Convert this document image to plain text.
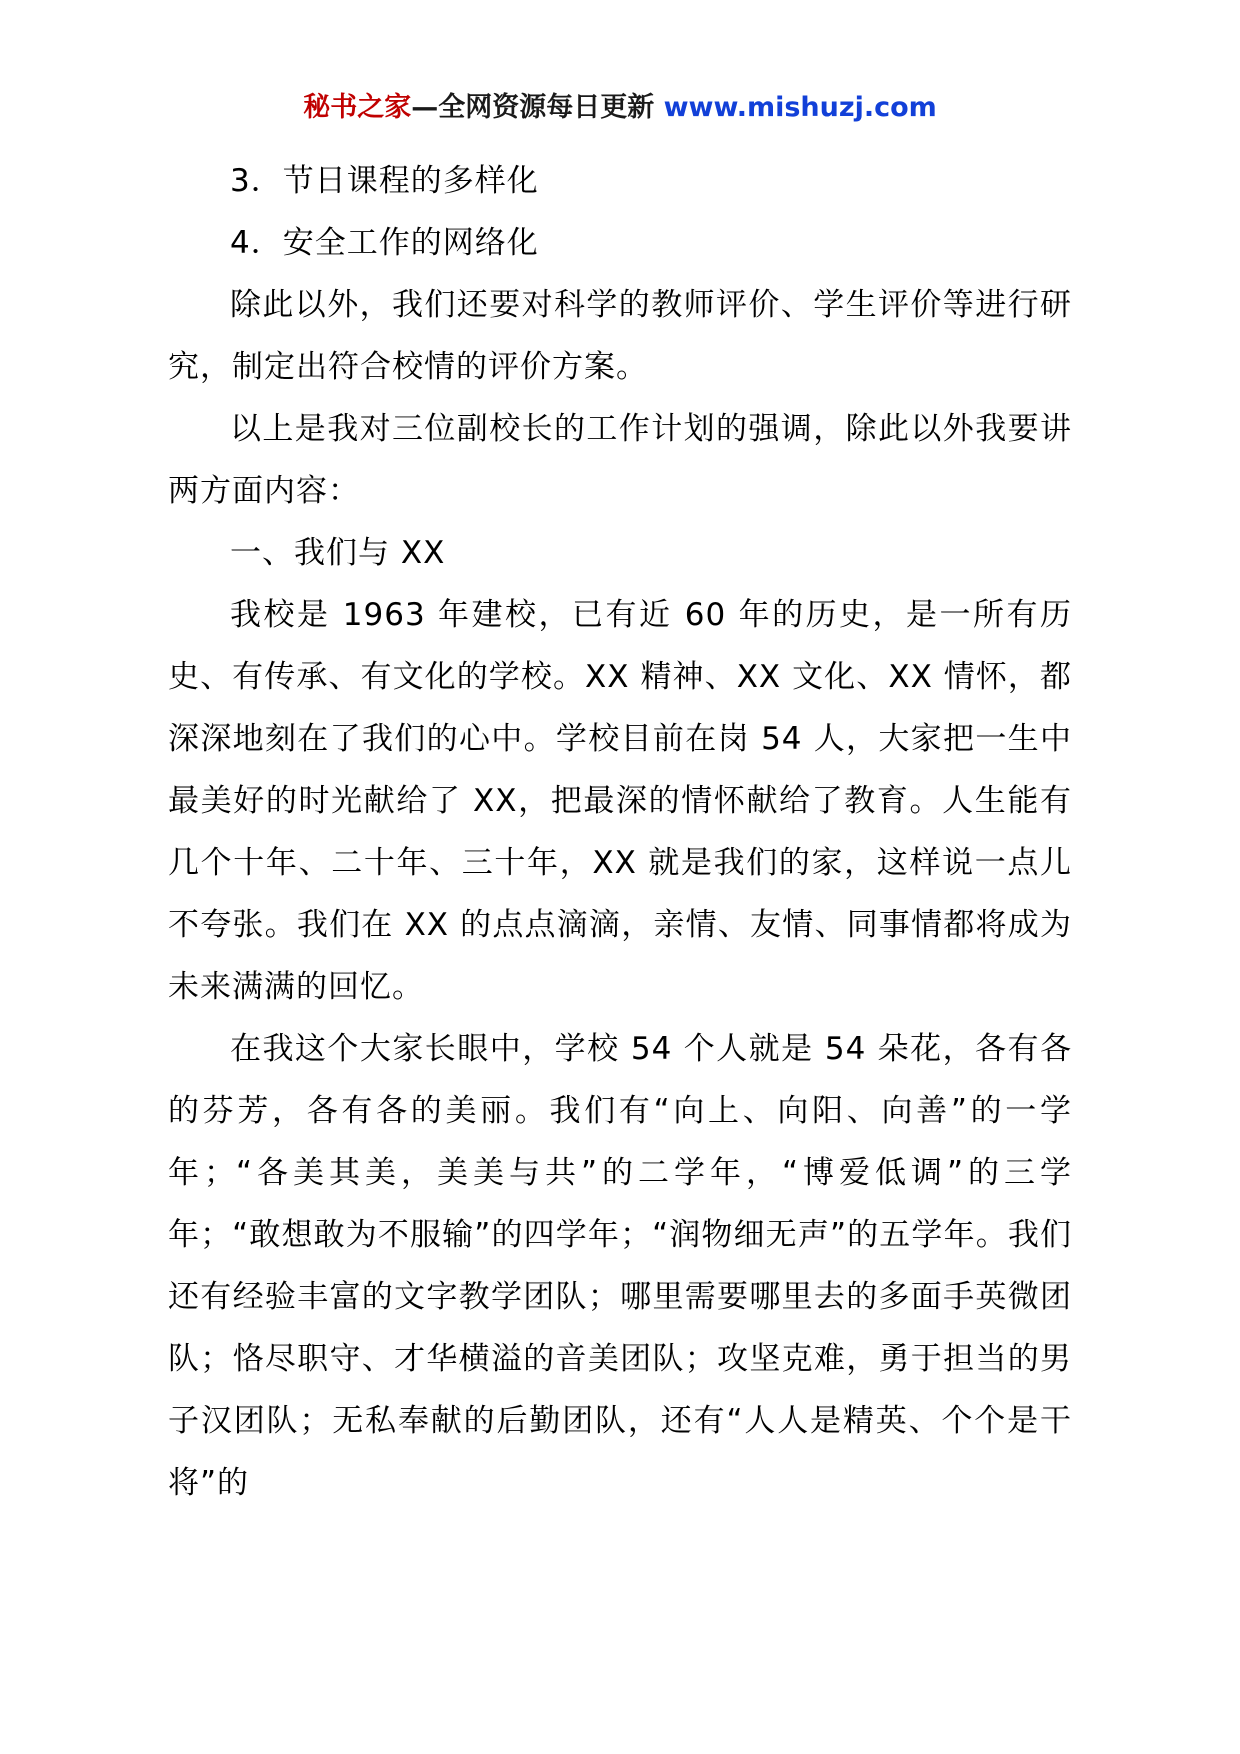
秘书之家—全网资源每日更新 www.mishuzj.com

3．节日课程的多样化

4．安全工作的网络化

除此以外，我们还要对科学的教师评价、学生评价等进行研究，制定出符合校情的评价方案。

以上是我对三位副校长的工作计划的强调，除此以外我要讲两方面内容：

一、我们与 XX

我校是 1963 年建校，已有近 60 年的历史，是一所有历史、有传承、有文化的学校。XX 精神、XX 文化、XX 情怀，都深深地刻在了我们的心中。学校目前在岗 54 人，大家把一生中最美好的时光献给了 XX，把最深的情怀献给了教育。人生能有几个十年、二十年、三十年，XX 就是我们的家，这样说一点儿不夸张。我们在 XX 的点点滴滴，亲情、友情、同事情都将成为未来满满的回忆。

在我这个大家长眼中，学校 54 个人就是 54 朵花，各有各的芬芳，各有各的美丽。我们有“向上、向阳、向善”的一学年；“各美其美，美美与共”的二学年，“博爱低调”的三学年；“敢想敢为不服输”的四学年；“润物细无声”的五学年。我们还有经验丰富的文字教学团队；哪里需要哪里去的多面手英微团队；恪尽职守、才华横溢的音美团队；攻坚克难，勇于担当的男子汉团队；无私奉献的后勤团队，还有“人人是精英、个个是干将”的
